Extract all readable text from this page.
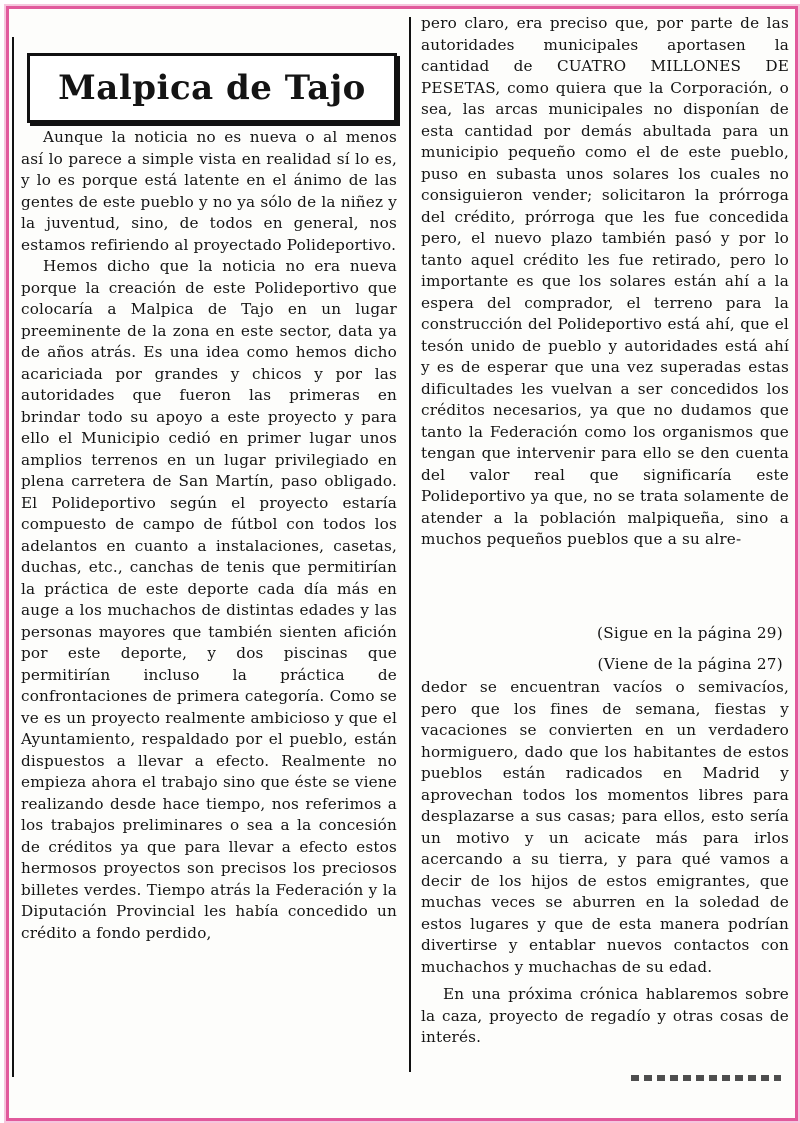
Malpica de Tajo

Aunque la noticia no es nueva o al menos así lo parece a simple vista en realidad sí lo es, y lo es porque está latente en el ánimo de las gentes de este pueblo y no ya sólo de la niñez y la juventud, sino, de todos en general, nos estamos refiriendo al proyectado Polideportivo.

Hemos dicho que la noticia no era nueva porque la creación de este Polideportivo que colocaría a Malpica de Tajo en un lugar preeminente de la zona en este sector, data ya de años atrás. Es una idea como hemos dicho acariciada por grandes y chicos y por las autoridades que fueron las primeras en brindar todo su apoyo a este proyecto y para ello el Municipio cedió en primer lugar unos amplios terrenos en un lugar privilegiado en plena carretera de San Martín, paso obligado. El Polideportivo según el proyecto estaría compuesto de campo de fútbol con todos los adelantos en cuanto a instalaciones, casetas, duchas, etc., canchas de tenis que permitirían la práctica de este deporte cada día más en auge a los muchachos de distintas edades y las personas mayores que también sienten afición por este deporte, y dos piscinas que permitirían incluso la práctica de confrontaciones de primera categoría. Como se ve es un proyecto realmente ambicioso y que el Ayuntamiento, respaldado por el pueblo, están dispuestos a llevar a efecto. Realmente no empieza ahora el trabajo sino que éste se viene realizando desde hace tiempo, nos referimos a los trabajos preliminares o sea a la concesión de créditos ya que para llevar a efecto estos hermosos proyectos son precisos los preciosos billetes verdes. Tiempo atrás la Federación y la Diputación Provincial les había concedido un crédito a fondo perdido,

pero claro, era preciso que, por parte de las autoridades municipales aportasen la cantidad de CUATRO MILLONES DE PESETAS, como quiera que la Corporación, o sea, las arcas municipales no disponían de esta cantidad por demás abultada para un municipio pequeño como el de este pueblo, puso en subasta unos solares los cuales no consiguieron vender; solicitaron la prórroga del crédito, prórroga que les fue concedida pero, el nuevo plazo también pasó y por lo tanto aquel crédito les fue retirado, pero lo importante es que los solares están ahí a la espera del comprador, el terreno para la construcción del Polideportivo está ahí, que el tesón unido de pueblo y autoridades está ahí y es de esperar que una vez superadas estas dificultades les vuelvan a ser concedidos los créditos necesarios, ya que no dudamos que tanto la Federación como los organismos que tengan que intervenir para ello se den cuenta del valor real que significaría este Polideportivo ya que, no se trata solamente de atender a la población malpiqueña, sino a muchos pequeños pueblos que a su alre-

(Sigue en la página 29)
(Viene de la página 27)

dedor se encuentran vacíos o semivacíos, pero que los fines de semana, fiestas y vacaciones se convierten en un verdadero hormiguero, dado que los habitantes de estos pueblos están radicados en Madrid y aprovechan todos los momentos libres para desplazarse a sus casas; para ellos, esto sería un motivo y un acicate más para irlos acercando a su tierra, y para qué vamos a decir de los hijos de estos emigrantes, que muchas veces se aburren en la soledad de estos lugares y que de esta manera podrían divertirse y entablar nuevos contactos con muchachos y muchachas de su edad.

En una próxima crónica hablaremos sobre la caza, proyecto de regadío y otras cosas de interés.
